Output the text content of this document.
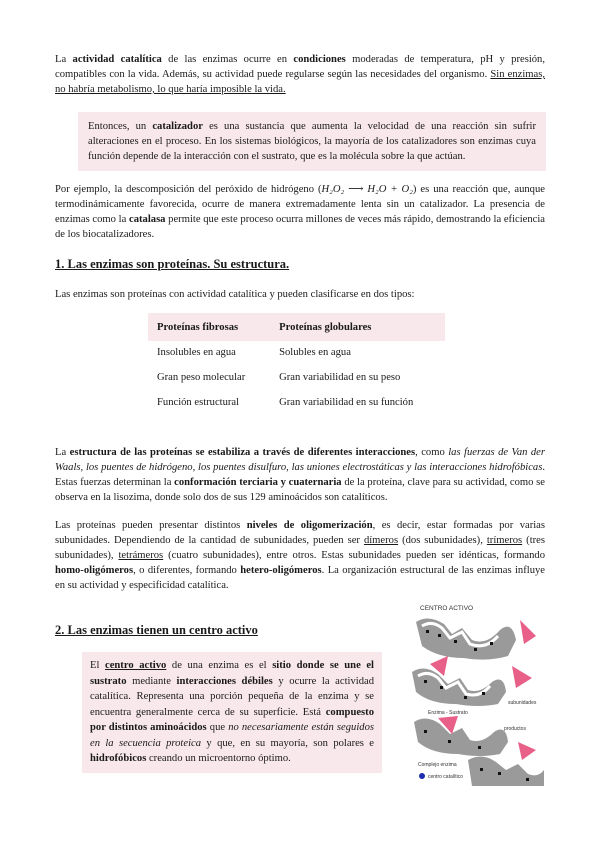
La actividad catalítica de las enzimas ocurre en condiciones moderadas de temperatura, pH y presión, compatibles con la vida. Además, su actividad puede regularse según las necesidades del organismo. Sin enzimas, no habría metabolismo, lo que haría imposible la vida.

Entonces, un catalizador es una sustancia que aumenta la velocidad de una reacción sin sufrir alteraciones en el proceso. En los sistemas biológicos, la mayoría de los catalizadores son enzimas cuya función depende de la interacción con el sustrato, que es la molécula sobre la que actúan.

Por ejemplo, la descomposición del peróxido de hidrógeno (H₂O₂ ⟶ H₂O + O₂) es una reacción que, aunque termodinámicamente favorecida, ocurre de manera extremadamente lenta sin un catalizador. La presencia de enzimas como la catalasa permite que este proceso ocurra millones de veces más rápido, demostrando la eficiencia de los biocatalizadores.

1. Las enzimas son proteínas. Su estructura.

Las enzimas son proteínas con actividad catalítica y pueden clasificarse en dos tipos:

Proteínas fibrosas	Proteínas globulares
Insolubles en agua	Solubles en agua
Gran peso molecular	Gran variabilidad en su peso
Función estructural	Gran variabilidad en su función

La estructura de las proteínas se estabiliza a través de diferentes interacciones, como las fuerzas de Van der Waals, los puentes de hidrógeno, los puentes disulfuro, las uniones electrostáticas y las interacciones hidrofóbicas. Estas fuerzas determinan la conformación terciaria y cuaternaria de la proteína, clave para su actividad, como se observa en la lisozima, donde solo dos de sus 129 aminoácidos son catalíticos.

Las proteínas pueden presentar distintos niveles de oligomerización, es decir, estar formadas por varias subunidades. Dependiendo de la cantidad de subunidades, pueden ser dímeros (dos subunidades), trímeros (tres subunidades), tetrámeros (cuatro subunidades), entre otros. Estas subunidades pueden ser idénticas, formando homo-oligómeros, o diferentes, formando hetero-oligómeros. La organización estructural de las enzimas influye en su actividad y especificidad catalítica.

2. Las enzimas tienen un centro activo
El centro activo de una enzima es el sitio donde se une el sustrato mediante interacciones débiles y ocurre la actividad catalítica. Representa una porción pequeña de la enzima y se encuentra generalmente cerca de su superficie. Está compuesto por distintos aminoácidos que no necesariamente están seguidos en la secuencia proteica y que, en su mayoría, son polares e hidrofóbicos creando un microentorno óptimo.
CENTRO ACTIVO
subunidades
Enzima - Sustrato
productos
Complejo enzima
centro catalítico
